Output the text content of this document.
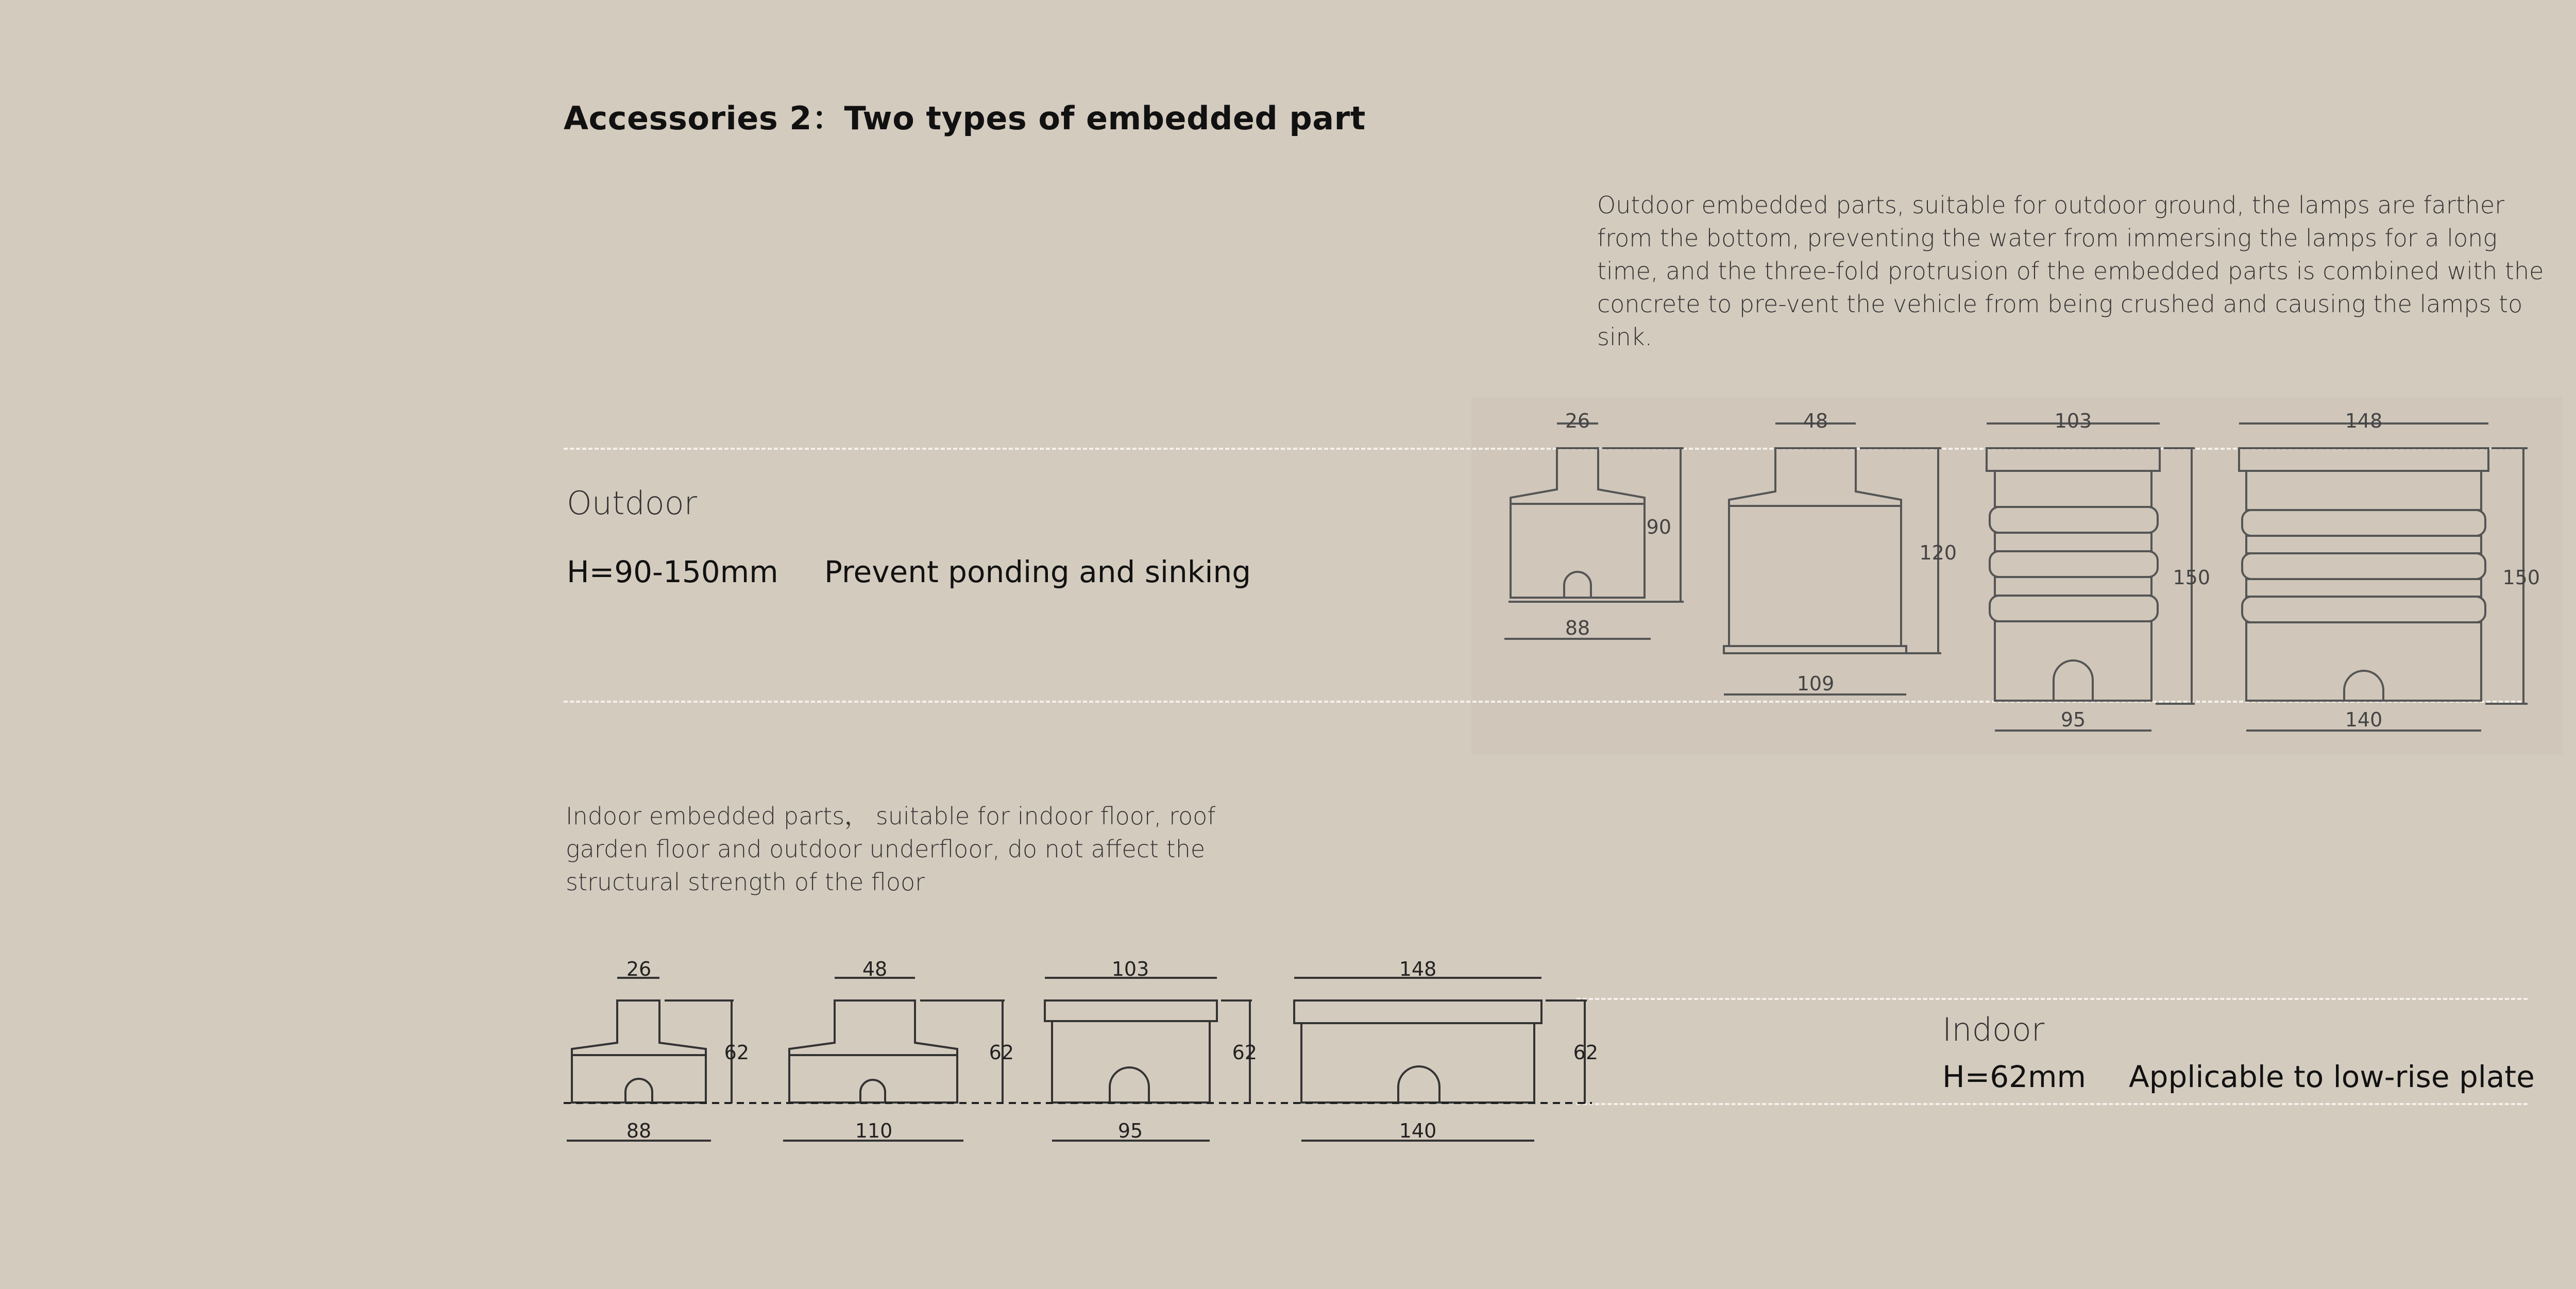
Accessories 2：Two types of embedded part
Outdoor embedded parts, suitable for outdoor ground, the lamps are farther from the bottom, preventing the water from immersing the lamps for a long time, and the three-fold protrusion of the embedded parts is combined with the concrete to pre-vent the vehicle from being crushed and causing the lamps to sink.
Outdoor
H=90-150mm Prevent ponding and sinking
26
90
88
48
120
109
103
150
95
148
150
140
Indoor embedded parts， suitable for indoor floor, roof garden floor and outdoor underfloor, do not affect the structural strength of the floor
Indoor
H=62mm Applicable to low-rise plate
26
62
88
48
62
110
103
62
95
148
62
140
